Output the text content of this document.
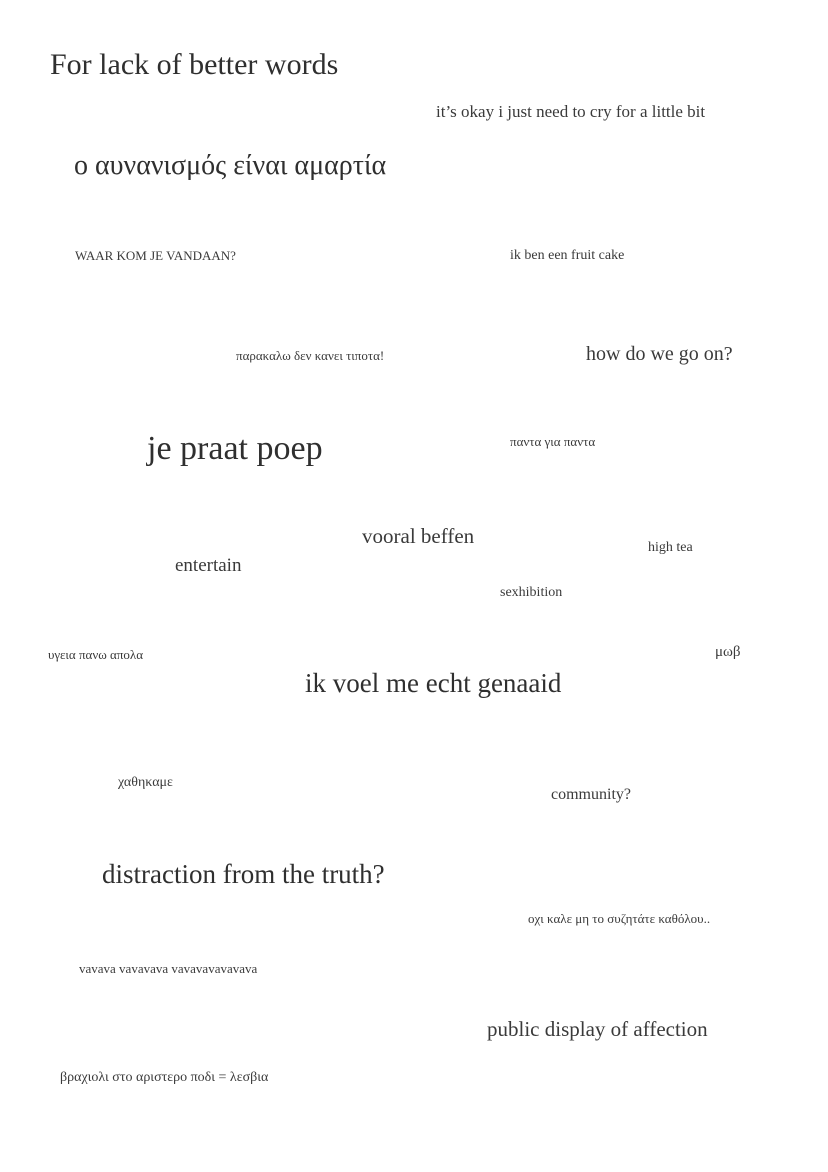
For lack of better words
it’s okay i just need to cry for a little bit
ο αυνανισμός είναι αμαρτία
WAAR KOM JE VANDAAN?	ik ben een fruit cake
παρακαλω δεν κανει τιποτα!	how do we go on?
je praat poep	παντα για παντα
vooral beffen	high tea
entertain
sexhibition
υγεια πανω απολα	μωβ
ik voel me echt genaaid
χαθηκαμε
community?
distraction from the truth?
οχι καλε μη το συζητάτε καθόλου..
vavava vavavava vavavavavavava
public display of affection
βραχιολι στο αριστερο ποδι = λεσβια
